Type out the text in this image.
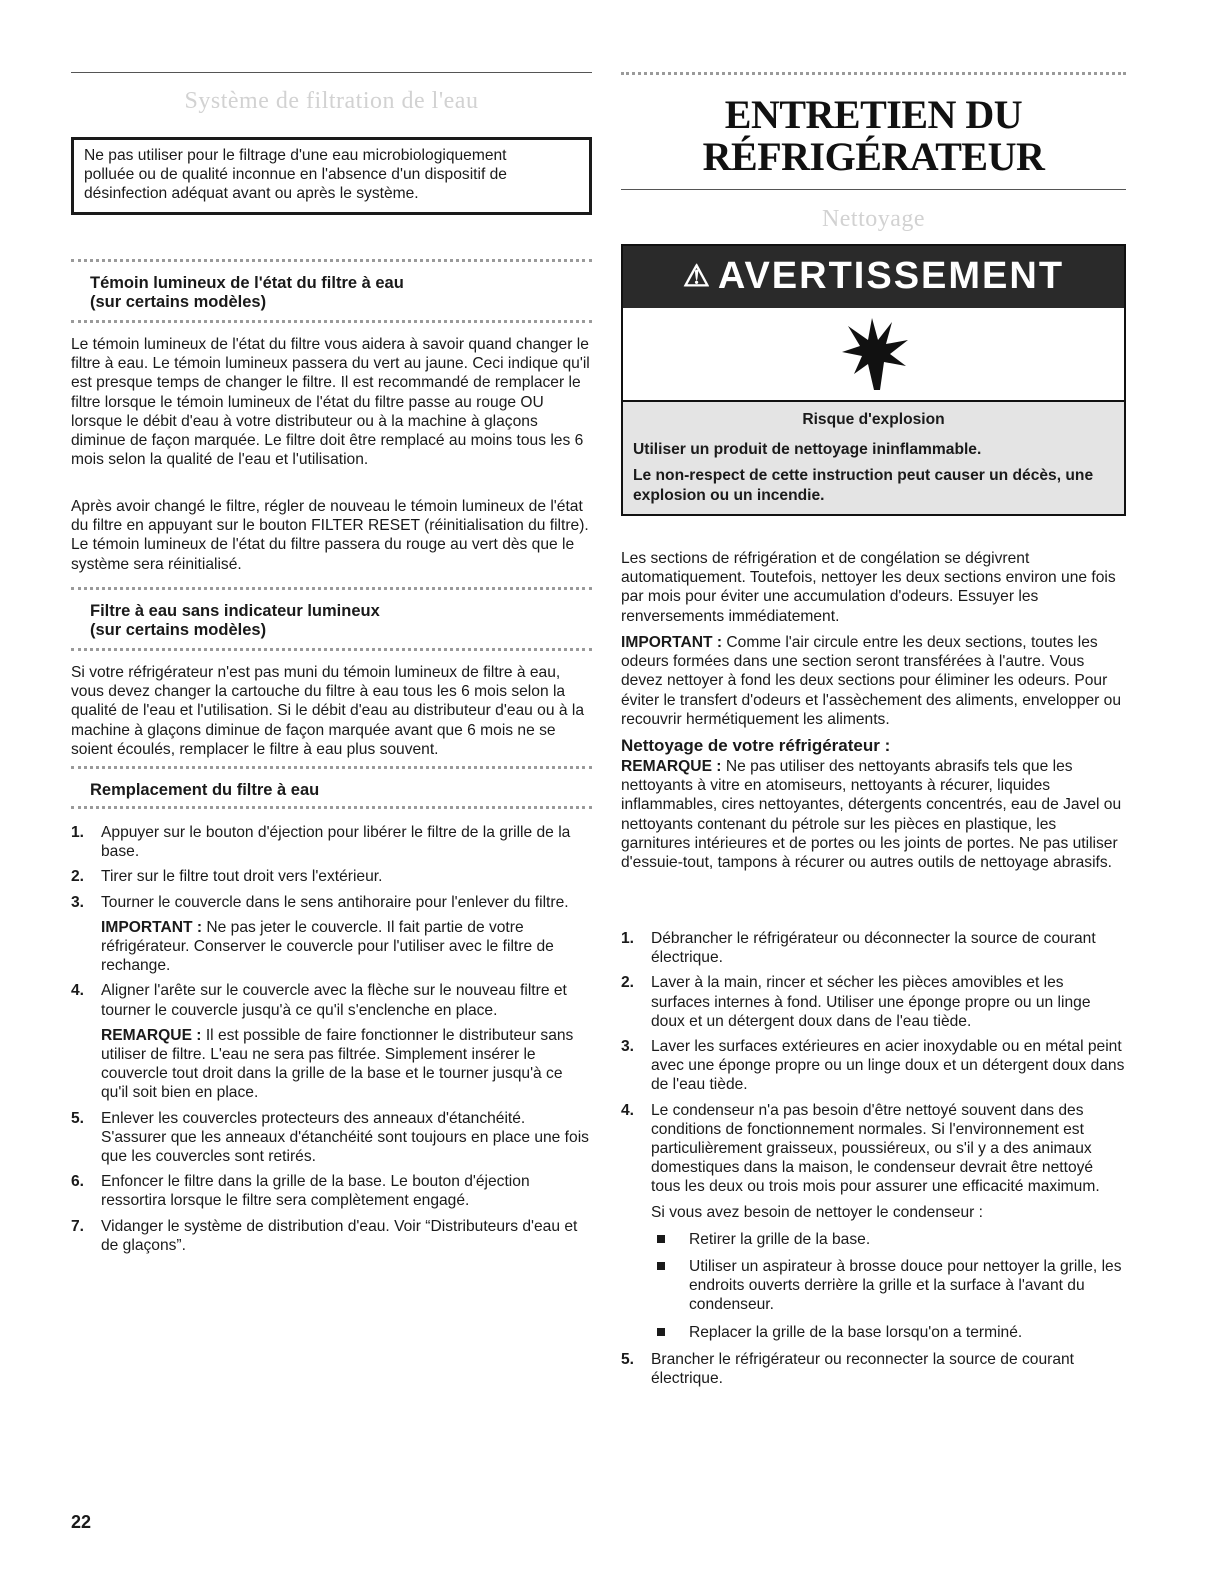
Système de filtration de l'eau

Ne pas utiliser pour le filtrage d'une eau microbiologiquement polluée ou de qualité inconnue en l'absence d'un dispositif de désinfection adéquat avant ou après le système.

Témoin lumineux de l'état du filtre à eau
(sur certains modèles)

Le témoin lumineux de l'état du filtre vous aidera à savoir quand changer le filtre à eau. Le témoin lumineux passera du vert au jaune. Ceci indique qu'il est presque temps de changer le filtre. Il est recommandé de remplacer le filtre lorsque le témoin lumineux de l'état du filtre passe au rouge OU lorsque le débit d'eau à votre distributeur ou à la machine à glaçons diminue de façon marquée. Le filtre doit être remplacé au moins tous les 6 mois selon la qualité de l'eau et l'utilisation.

Après avoir changé le filtre, régler de nouveau le témoin lumineux de l'état du filtre en appuyant sur le bouton FILTER RESET (réinitialisation du filtre). Le témoin lumineux de l'état du filtre passera du rouge au vert dès que le système sera réinitialisé.

Filtre à eau sans indicateur lumineux
(sur certains modèles)

Si votre réfrigérateur n'est pas muni du témoin lumineux de filtre à eau, vous devez changer la cartouche du filtre à eau tous les 6 mois selon la qualité de l'eau et l'utilisation. Si le débit d'eau au distributeur d'eau ou à la machine à glaçons diminue de façon marquée avant que 6 mois ne se soient écoulés, remplacer le filtre à eau plus souvent.

Remplacement du filtre à eau
1. Appuyer sur le bouton d'éjection pour libérer le filtre de la grille de la base.
2. Tirer sur le filtre tout droit vers l'extérieur.
3. Tourner le couvercle dans le sens antihoraire pour l'enlever du filtre.

IMPORTANT : Ne pas jeter le couvercle. Il fait partie de votre réfrigérateur. Conserver le couvercle pour l'utiliser avec le filtre de rechange.

4. Aligner l'arête sur le couvercle avec la flèche sur le nouveau filtre et tourner le couvercle jusqu'à ce qu'il s'enclenche en place.

REMARQUE : Il est possible de faire fonctionner le distributeur sans utiliser de filtre. L'eau ne sera pas filtrée. Simplement insérer le couvercle tout droit dans la grille de la base et le tourner jusqu'à ce qu'il soit bien en place.

5. Enlever les couvercles protecteurs des anneaux d'étanchéité. S'assurer que les anneaux d'étanchéité sont toujours en place une fois que les couvercles sont retirés.
6. Enfoncer le filtre dans la grille de la base. Le bouton d'éjection ressortira lorsque le filtre sera complètement engagé.
7. Vidanger le système de distribution d'eau. Voir “Distributeurs d'eau et de glaçons”.
ENTRETIEN DU
RÉFRIGÉRATEUR
Nettoyage
⚠ AVERTISSEMENT

Risque d'explosion

Utiliser un produit de nettoyage ininflammable.

Le non-respect de cette instruction peut causer un décès, une explosion ou un incendie.

Les sections de réfrigération et de congélation se dégivrent automatiquement. Toutefois, nettoyer les deux sections environ une fois par mois pour éviter une accumulation d'odeurs. Essuyer les renversements immédiatement.

IMPORTANT : Comme l'air circule entre les deux sections, toutes les odeurs formées dans une section seront transférées à l'autre. Vous devez nettoyer à fond les deux sections pour éliminer les odeurs. Pour éviter le transfert d'odeurs et l'assèchement des aliments, envelopper ou recouvrir hermétiquement les aliments.

Nettoyage de votre réfrigérateur :

REMARQUE : Ne pas utiliser des nettoyants abrasifs tels que les nettoyants à vitre en atomiseurs, nettoyants à récurer, liquides inflammables, cires nettoyantes, détergents concentrés, eau de Javel ou nettoyants contenant du pétrole sur les pièces en plastique, les garnitures intérieures et de portes ou les joints de portes. Ne pas utiliser d'essuie-tout, tampons à récurer ou autres outils de nettoyage abrasifs.

1. Débrancher le réfrigérateur ou déconnecter la source de courant électrique.
2. Laver à la main, rincer et sécher les pièces amovibles et les surfaces internes à fond. Utiliser une éponge propre ou un linge doux et un détergent doux dans de l'eau tiède.
3. Laver les surfaces extérieures en acier inoxydable ou en métal peint avec une éponge propre ou un linge doux et un détergent doux dans de l'eau tiède.
4. Le condenseur n'a pas besoin d'être nettoyé souvent dans des conditions de fonctionnement normales. Si l'environnement est particulièrement graisseux, poussiéreux, ou s'il y a des animaux domestiques dans la maison, le condenseur devrait être nettoyé tous les deux ou trois mois pour assurer une efficacité maximum.

Si vous avez besoin de nettoyer le condenseur :

Retirer la grille de la base.
Utiliser un aspirateur à brosse douce pour nettoyer la grille, les endroits ouverts derrière la grille et la surface à l'avant du condenseur.
Replacer la grille de la base lorsqu'on a terminé.
5. Brancher le réfrigérateur ou reconnecter la source de courant électrique.
22
